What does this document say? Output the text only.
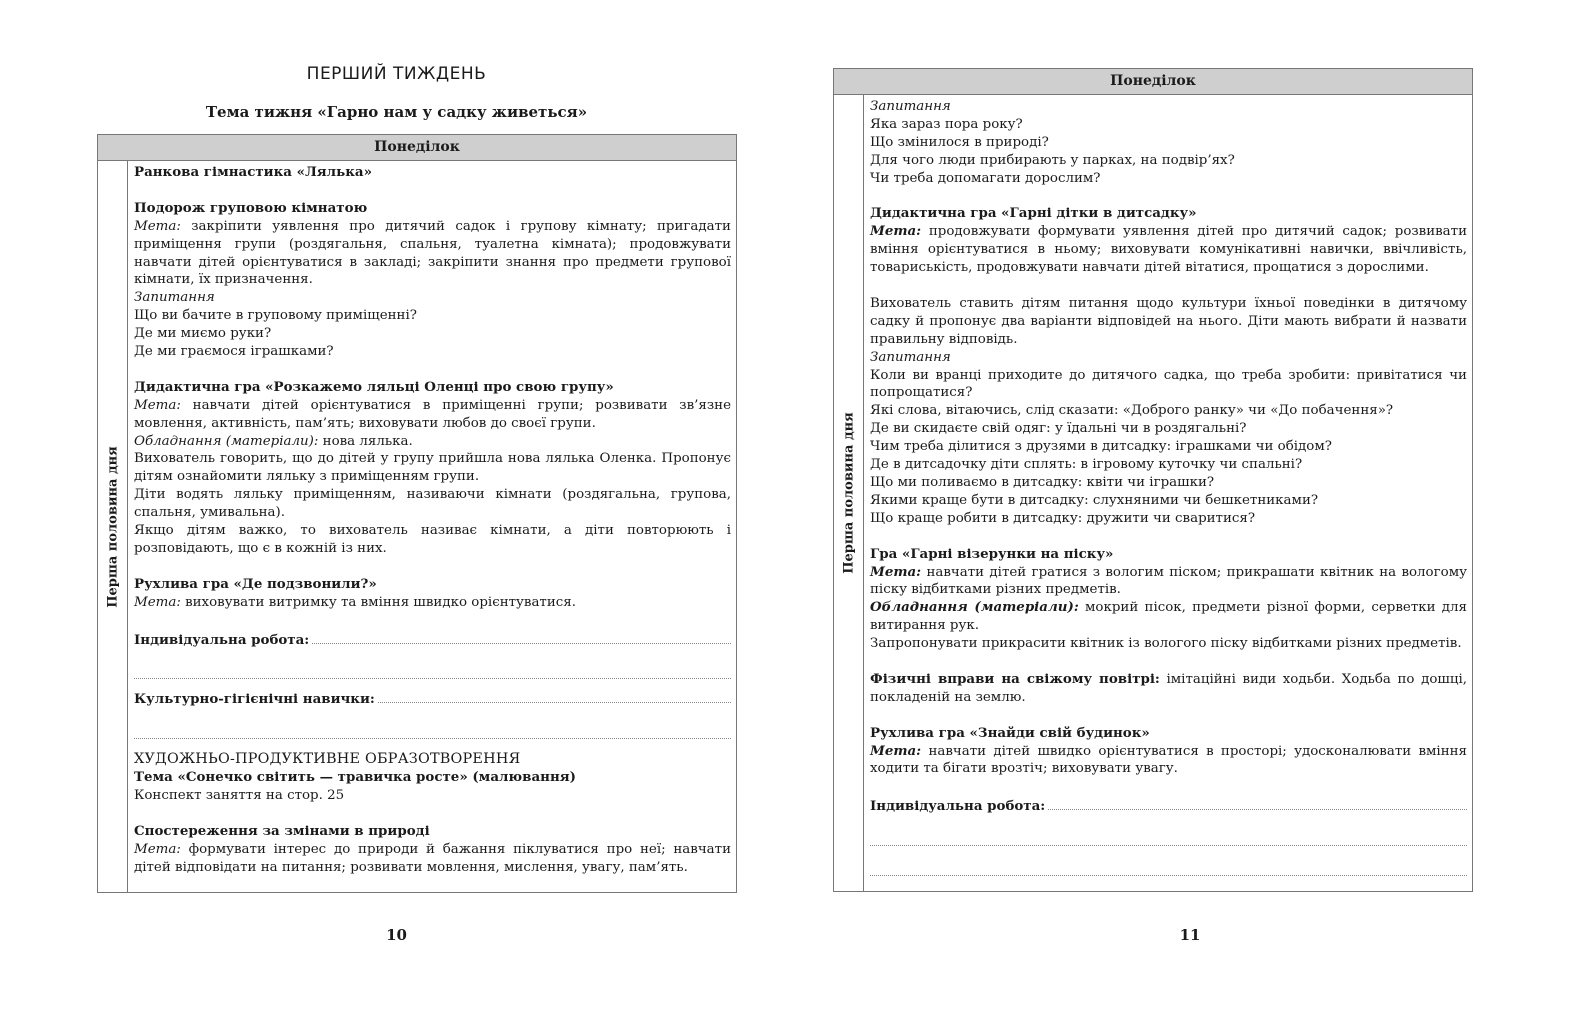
ПЕРШИЙ ТИЖДЕНЬ
Тема тижня «Гарно нам у садку живеться»
Понеділок
Перша половина дня

Ранкова гімнастика «Лялька»

Подорож груповою кімнатою

Мета: закріпити уявлення про дитячий садок і групову кімнату; пригадати приміщення групи (роздягальня, спальня, туалетна кімната); продовжувати навчати дітей орієнтуватися в закладі; закріпити знання про предмети групової кімнати, їх призначення.

Запитання

Що ви бачите в груповому приміщенні?

Де ми миємо руки?

Де ми граємося іграшками?

Дидактична гра «Розкажемо ляльці Оленці про свою групу»

Мета: навчати дітей орієнтуватися в приміщенні групи; розвивати зв’язне мовлення, активність, пам’ять; виховувати любов до своєї групи.

Обладнання (матеріали): нова лялька.

Вихователь говорить, що до дітей у групу прийшла нова лялька Оленка. Пропонує дітям ознайомити ляльку з приміщенням групи.

Діти водять ляльку приміщенням, називаючи кімнати (роздягальна, групова, спальня, умивальна).

Якщо дітям важко, то вихователь називає кімнати, а діти повторюють і розповідають, що є в кожній із них.

Рухлива гра «Де подзвонили?»

Мета: виховувати витримку та вміння швидко орієнтуватися.

Індивідуальна робота:
Культурно-гігієнічні навички:

ХУДОЖНЬО-ПРОДУКТИВНЕ ОБРАЗОТВОРЕННЯ

Тема «Сонечко світить — травичка росте» (малювання)

Конспект заняття на стор. 25

Спостереження за змінами в природі

Мета: формувати інтерес до природи й бажання піклуватися про неї; навчати дітей відповідати на питання; розвивати мовлення, мислення, увагу, пам’ять.

10
Понеділок
Перша половина дня

Запитання

Яка зараз пора року?

Що змінилося в природі?

Для чого люди прибирають у парках, на подвір’ях?

Чи треба допомагати дорослим?

Дидактична гра «Гарні дітки в дитсадку»

Мета: продовжувати формувати уявлення дітей про дитячий садок; розвивати вміння орієнтуватися в ньому; виховувати комунікативні навички, ввічливість, товариськість, продовжувати навчати дітей вітатися, прощатися з дорослими.

Вихователь ставить дітям питання щодо культури їхньої поведінки в дитячому садку й пропонує два варіанти відповідей на нього. Діти мають вибрати й назвати правильну відповідь.

Запитання

Коли ви вранці приходите до дитячого садка, що треба зробити: привітатися чи попрощатися?

Які слова, вітаючись, слід сказати: «Доброго ранку» чи «До побачення»?

Де ви скидаєте свій одяг: у їдальні чи в роздягальні?

Чим треба ділитися з друзями в дитсадку: іграшками чи обідом?

Де в дитсадочку діти сплять: в ігровому куточку чи спальні?

Що ми поливаємо в дитсадку: квіти чи іграшки?

Якими краще бути в дитсадку: слухняними чи бешкетниками?

Що краще робити в дитсадку: дружити чи сваритися?

Гра «Гарні візерунки на піску»

Мета: навчати дітей гратися з вологим піском; прикрашати квітник на вологому піску відбитками різних предметів.

Обладнання (матеріали): мокрий пісок, предмети різної форми, серветки для витирання рук.

Запропонувати прикрасити квітник із вологого піску відбитками різних предметів.

Фізичні вправи на свіжому повітрі: імітаційні види ходьби. Ходьба по дошці, покладеній на землю.

Рухлива гра «Знайди свій будинок»

Мета: навчати дітей швидко орієнтуватися в просторі; удосконалювати вміння ходити та бігати врозтіч; виховувати увагу.

Індивідуальна робота:
11
